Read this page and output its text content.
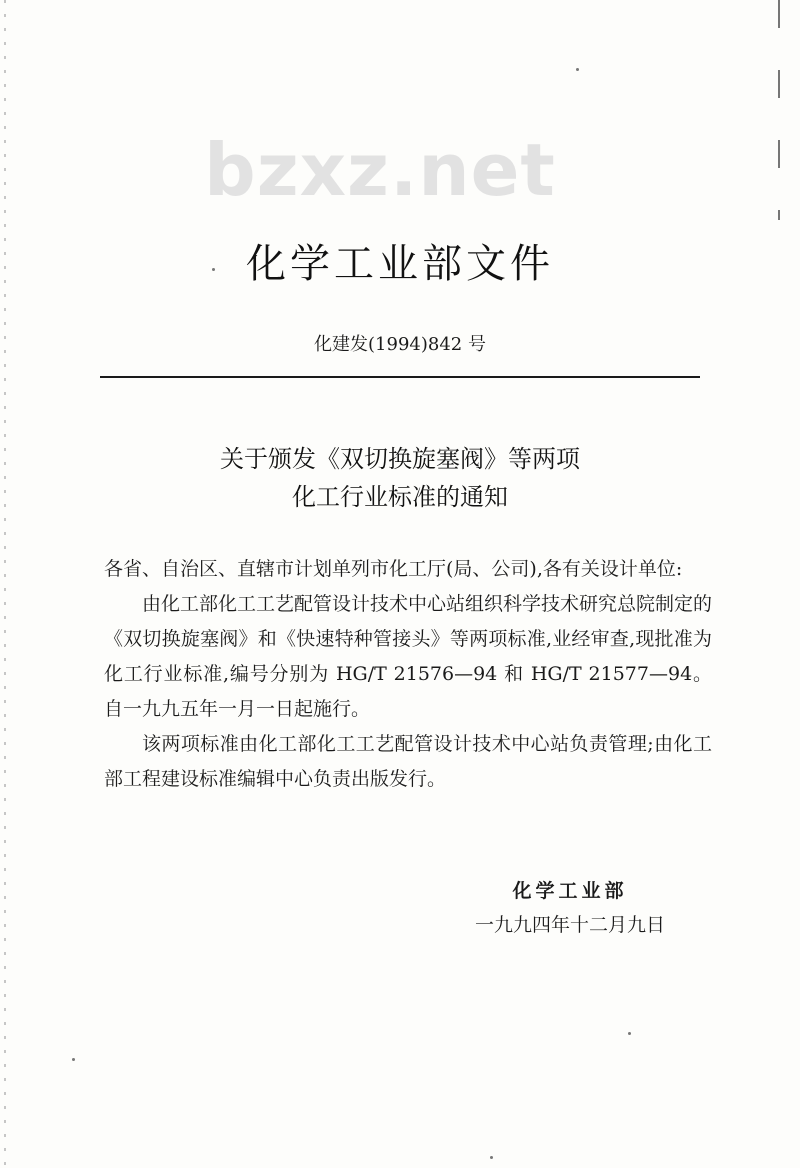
bzxz.net
化学工业部文件
化建发(1994)842 号
关于颁发《双切换旋塞阀》等两项
化工行业标准的通知

各省、自治区、直辖市计划单列市化工厅(局、公司),各有关设计单位:

由化工部化工工艺配管设计技术中心站组织科学技术研究总院制定的《双切换旋塞阀》和《快速特种管接头》等两项标准,业经审查,现批准为化工行业标准,编号分别为 HG/T 21576—94 和 HG/T 21577—94。自一九九五年一月一日起施行。

该两项标准由化工部化工工艺配管设计技术中心站负责管理;由化工部工程建设标准编辑中心负责出版发行。

化学工业部
一九九四年十二月九日
